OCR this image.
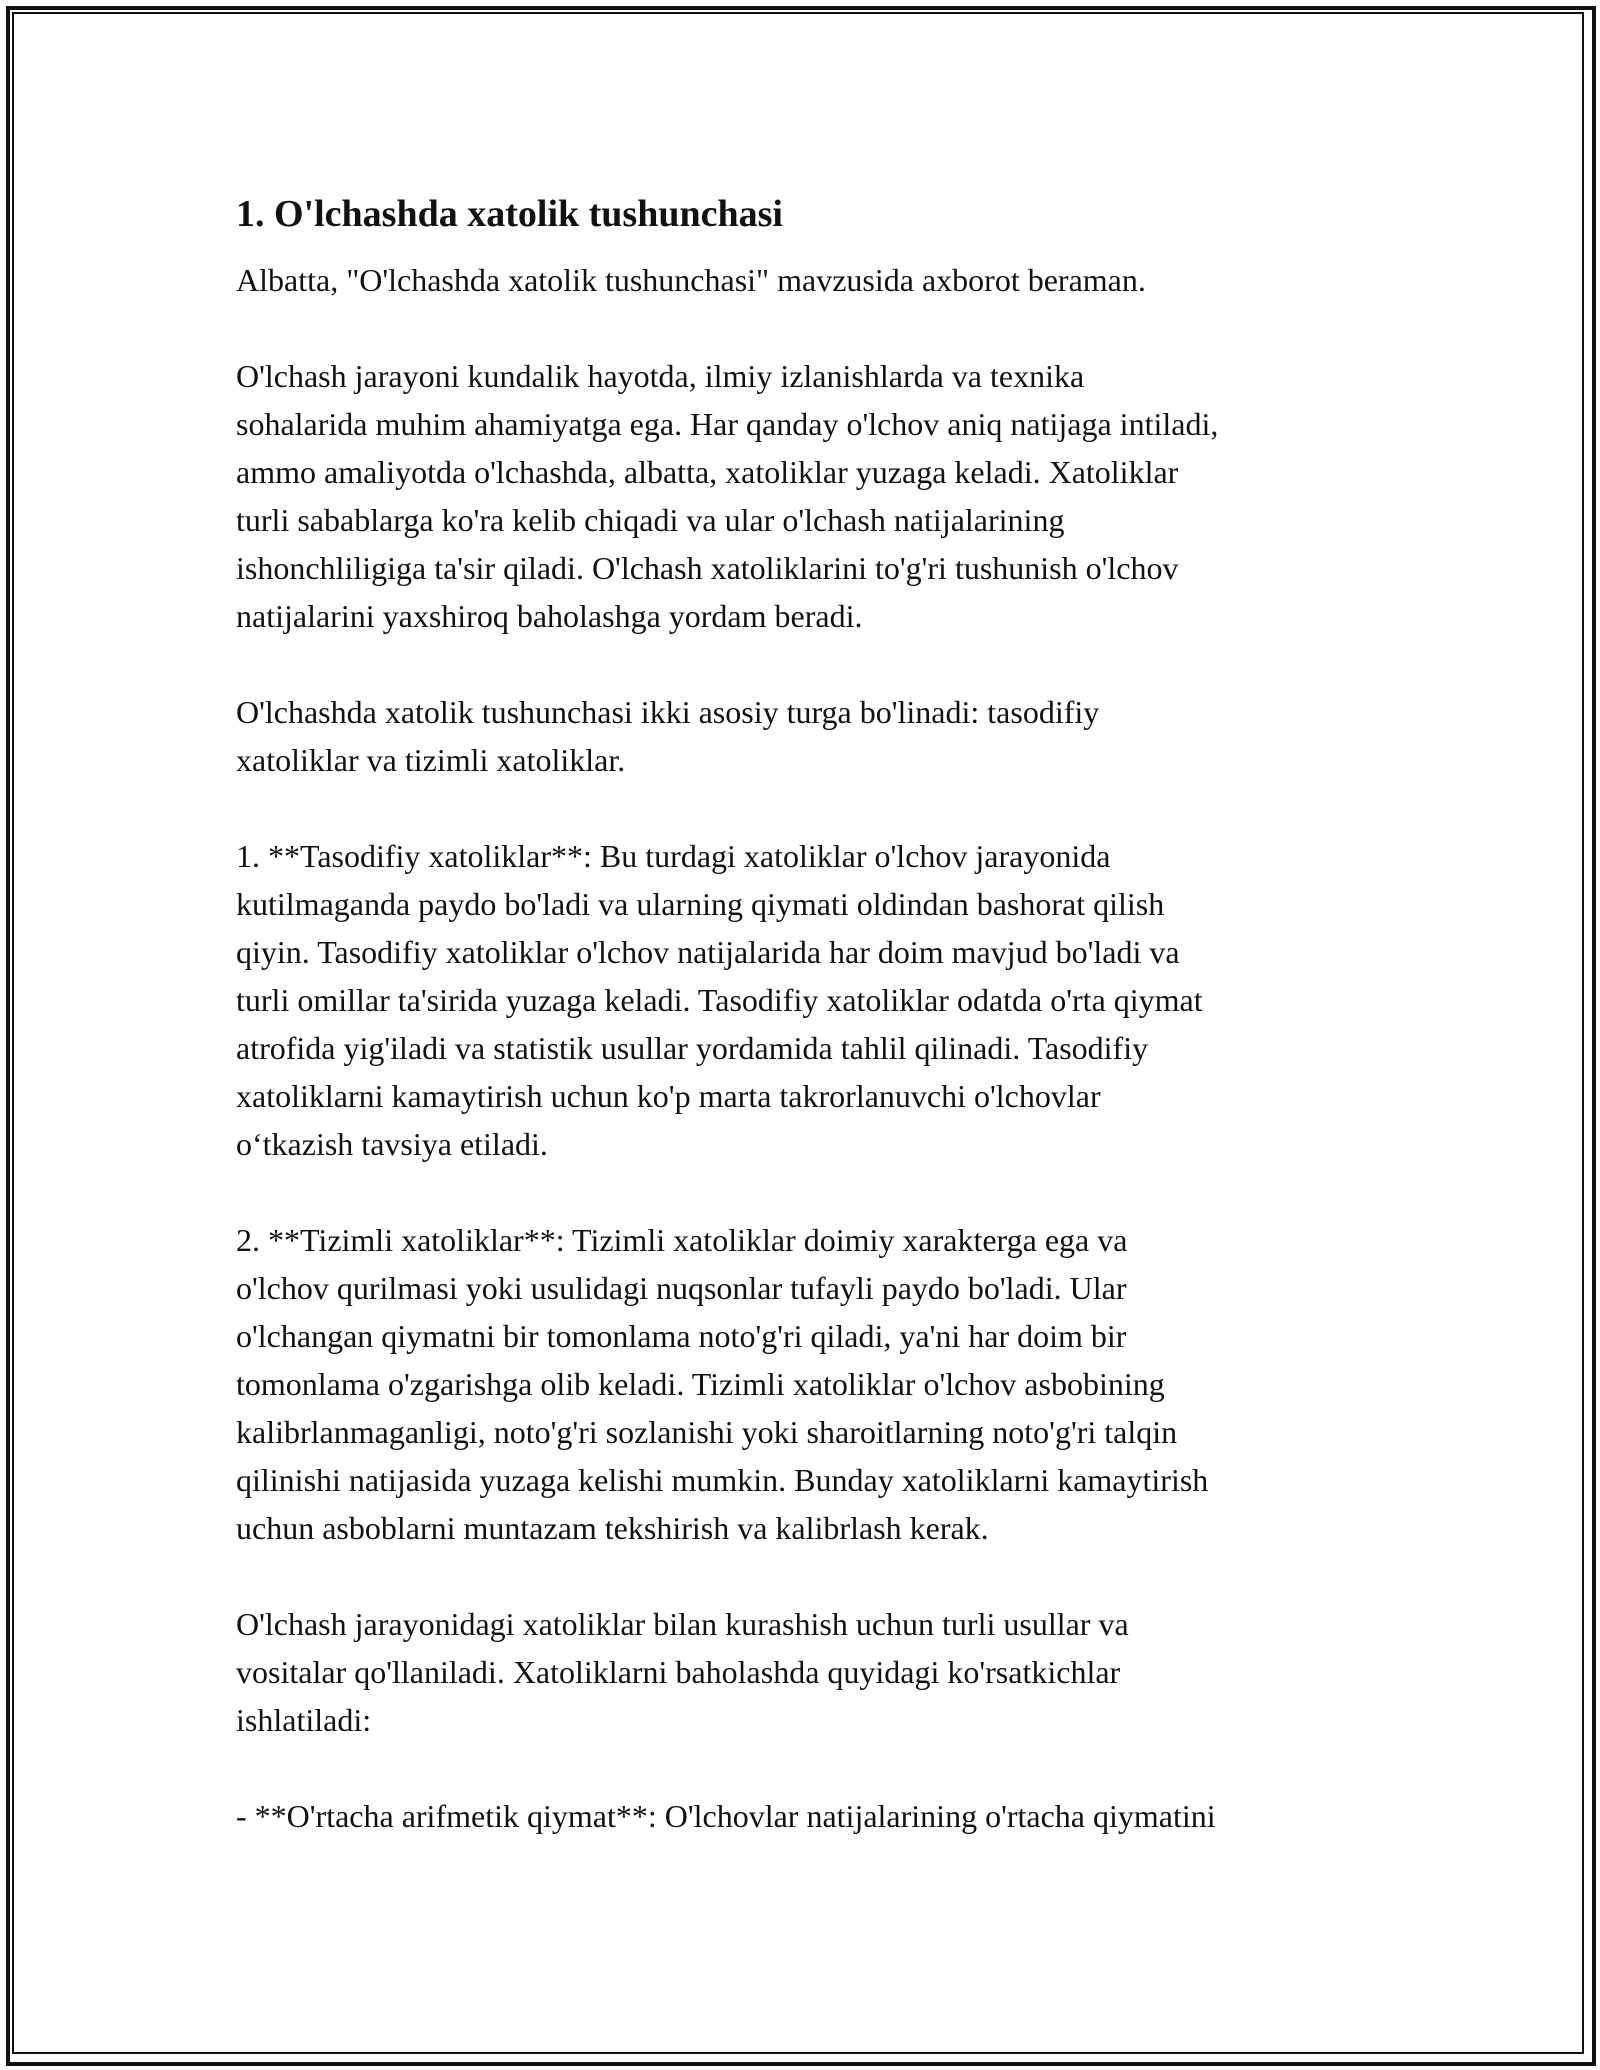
1. O'lchashda xatolik tushunchasi

Albatta, "O'lchashda xatolik tushunchasi" mavzusida axborot beraman.

O'lchash jarayoni kundalik hayotda, ilmiy izlanishlarda va texnika
sohalarida muhim ahamiyatga ega. Har qanday o'lchov aniq natijaga intiladi,
ammo amaliyotda o'lchashda, albatta, xatoliklar yuzaga keladi. Xatoliklar
turli sabablarga ko'ra kelib chiqadi va ular o'lchash natijalarining
ishonchliligiga ta'sir qiladi. O'lchash xatoliklarini to'g'ri tushunish o'lchov
natijalarini yaxshiroq baholashga yordam beradi.

O'lchashda xatolik tushunchasi ikki asosiy turga bo'linadi: tasodifiy
xatoliklar va tizimli xatoliklar.

1. **Tasodifiy xatoliklar**: Bu turdagi xatoliklar o'lchov jarayonida
kutilmaganda paydo bo'ladi va ularning qiymati oldindan bashorat qilish
qiyin. Tasodifiy xatoliklar o'lchov natijalarida har doim mavjud bo'ladi va
turli omillar ta'sirida yuzaga keladi. Tasodifiy xatoliklar odatda o'rta qiymat
atrofida yig'iladi va statistik usullar yordamida tahlil qilinadi. Tasodifiy
xatoliklarni kamaytirish uchun ko'p marta takrorlanuvchi o'lchovlar
o‘tkazish tavsiya etiladi.

2. **Tizimli xatoliklar**: Tizimli xatoliklar doimiy xarakterga ega va
o'lchov qurilmasi yoki usulidagi nuqsonlar tufayli paydo bo'ladi. Ular
o'lchangan qiymatni bir tomonlama noto'g'ri qiladi, ya'ni har doim bir
tomonlama o'zgarishga olib keladi. Tizimli xatoliklar o'lchov asbobining
kalibrlanmaganligi, noto'g'ri sozlanishi yoki sharoitlarning noto'g'ri talqin
qilinishi natijasida yuzaga kelishi mumkin. Bunday xatoliklarni kamaytirish
uchun asboblarni muntazam tekshirish va kalibrlash kerak.

O'lchash jarayonidagi xatoliklar bilan kurashish uchun turli usullar va
vositalar qo'llaniladi. Xatoliklarni baholashda quyidagi ko'rsatkichlar
ishlatiladi:

- **O'rtacha arifmetik qiymat**: O'lchovlar natijalarining o'rtacha qiymatini
